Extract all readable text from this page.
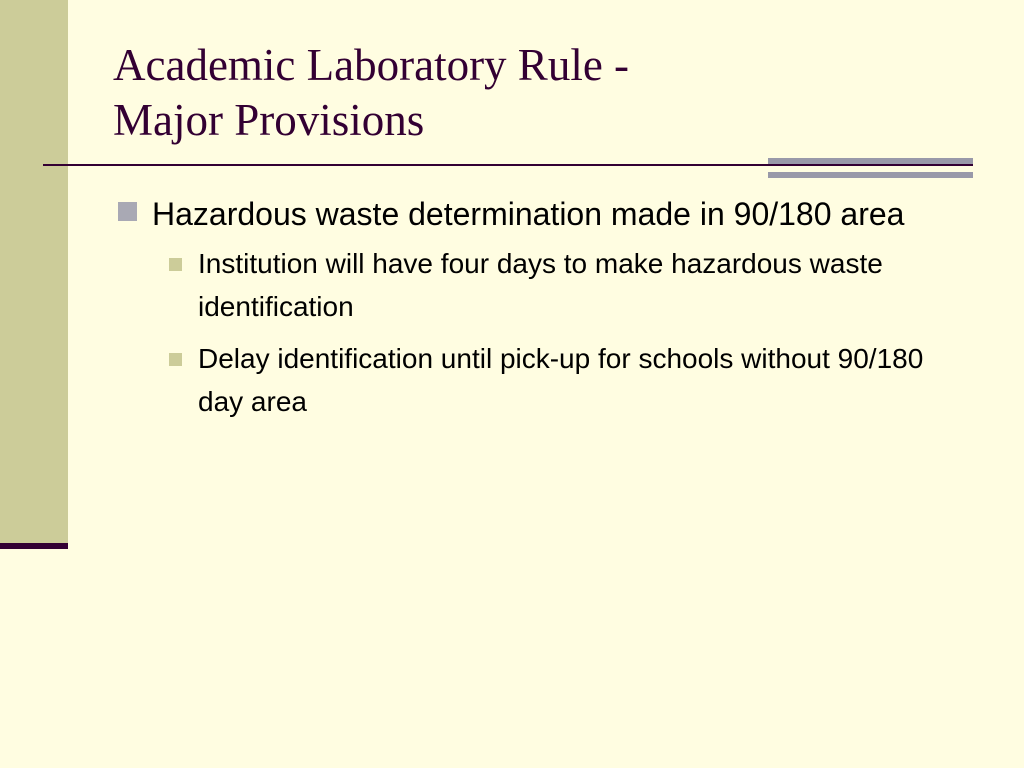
Academic Laboratory Rule -
Major Provisions
Hazardous waste determination made in 90/180 area
Institution will have four days to make hazardous waste identification
Delay identification until pick-up for schools without 90/180 day area
